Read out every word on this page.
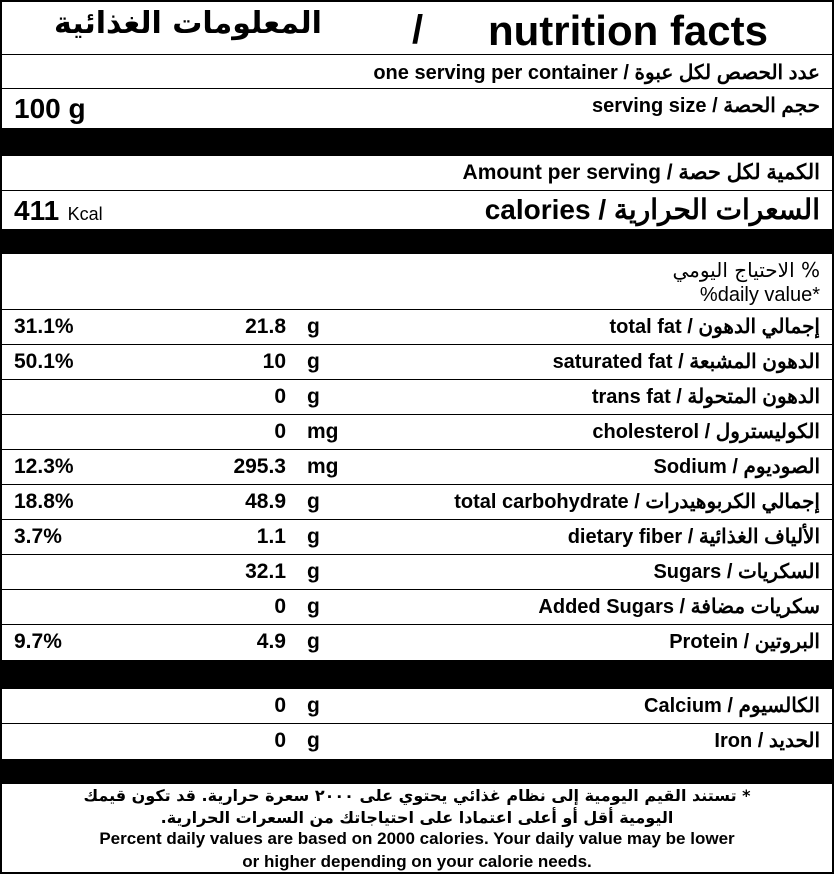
المعلومات الغذائية / nutrition facts
one serving per container / عدد الحصص لكل عبوة
100 g	serving size / حجم الحصة
Amount per serving / الكمية لكل حصة
411 Kcal	calories / السعرات الحرارية
% الاحتياج اليومي
%daily value*
31.1%	21.8 g	total fat / إجمالي الدهون
50.1%	10 g	saturated fat / الدهون المشبعة
0 g	trans fat / الدهون المتحولة
0 mg	cholesterol / الكوليسترول
12.3%	295.3 mg	Sodium / الصوديوم
18.8%	48.9 g	total carbohydrate / إجمالي الكربوهيدرات
3.7%	1.1 g	dietary fiber / الألياف الغذائية
32.1 g	Sugars / السكريات
0 g	Added Sugars / سكريات مضافة
9.7%	4.9 g	Protein / البروتين
0 g	Calcium / الكالسيوم
0 g	Iron / الحديد
* تستند القيم اليومية إلى نظام غذائي يحتوي على ٢٠٠٠ سعرة حرارية. قد تكون قيمك
اليومية أقل أو أعلى اعتمادا على احتياجاتك من السعرات الحرارية.
Percent daily values are based on 2000 calories. Your daily value may be lower
or higher depending on your calorie needs.
